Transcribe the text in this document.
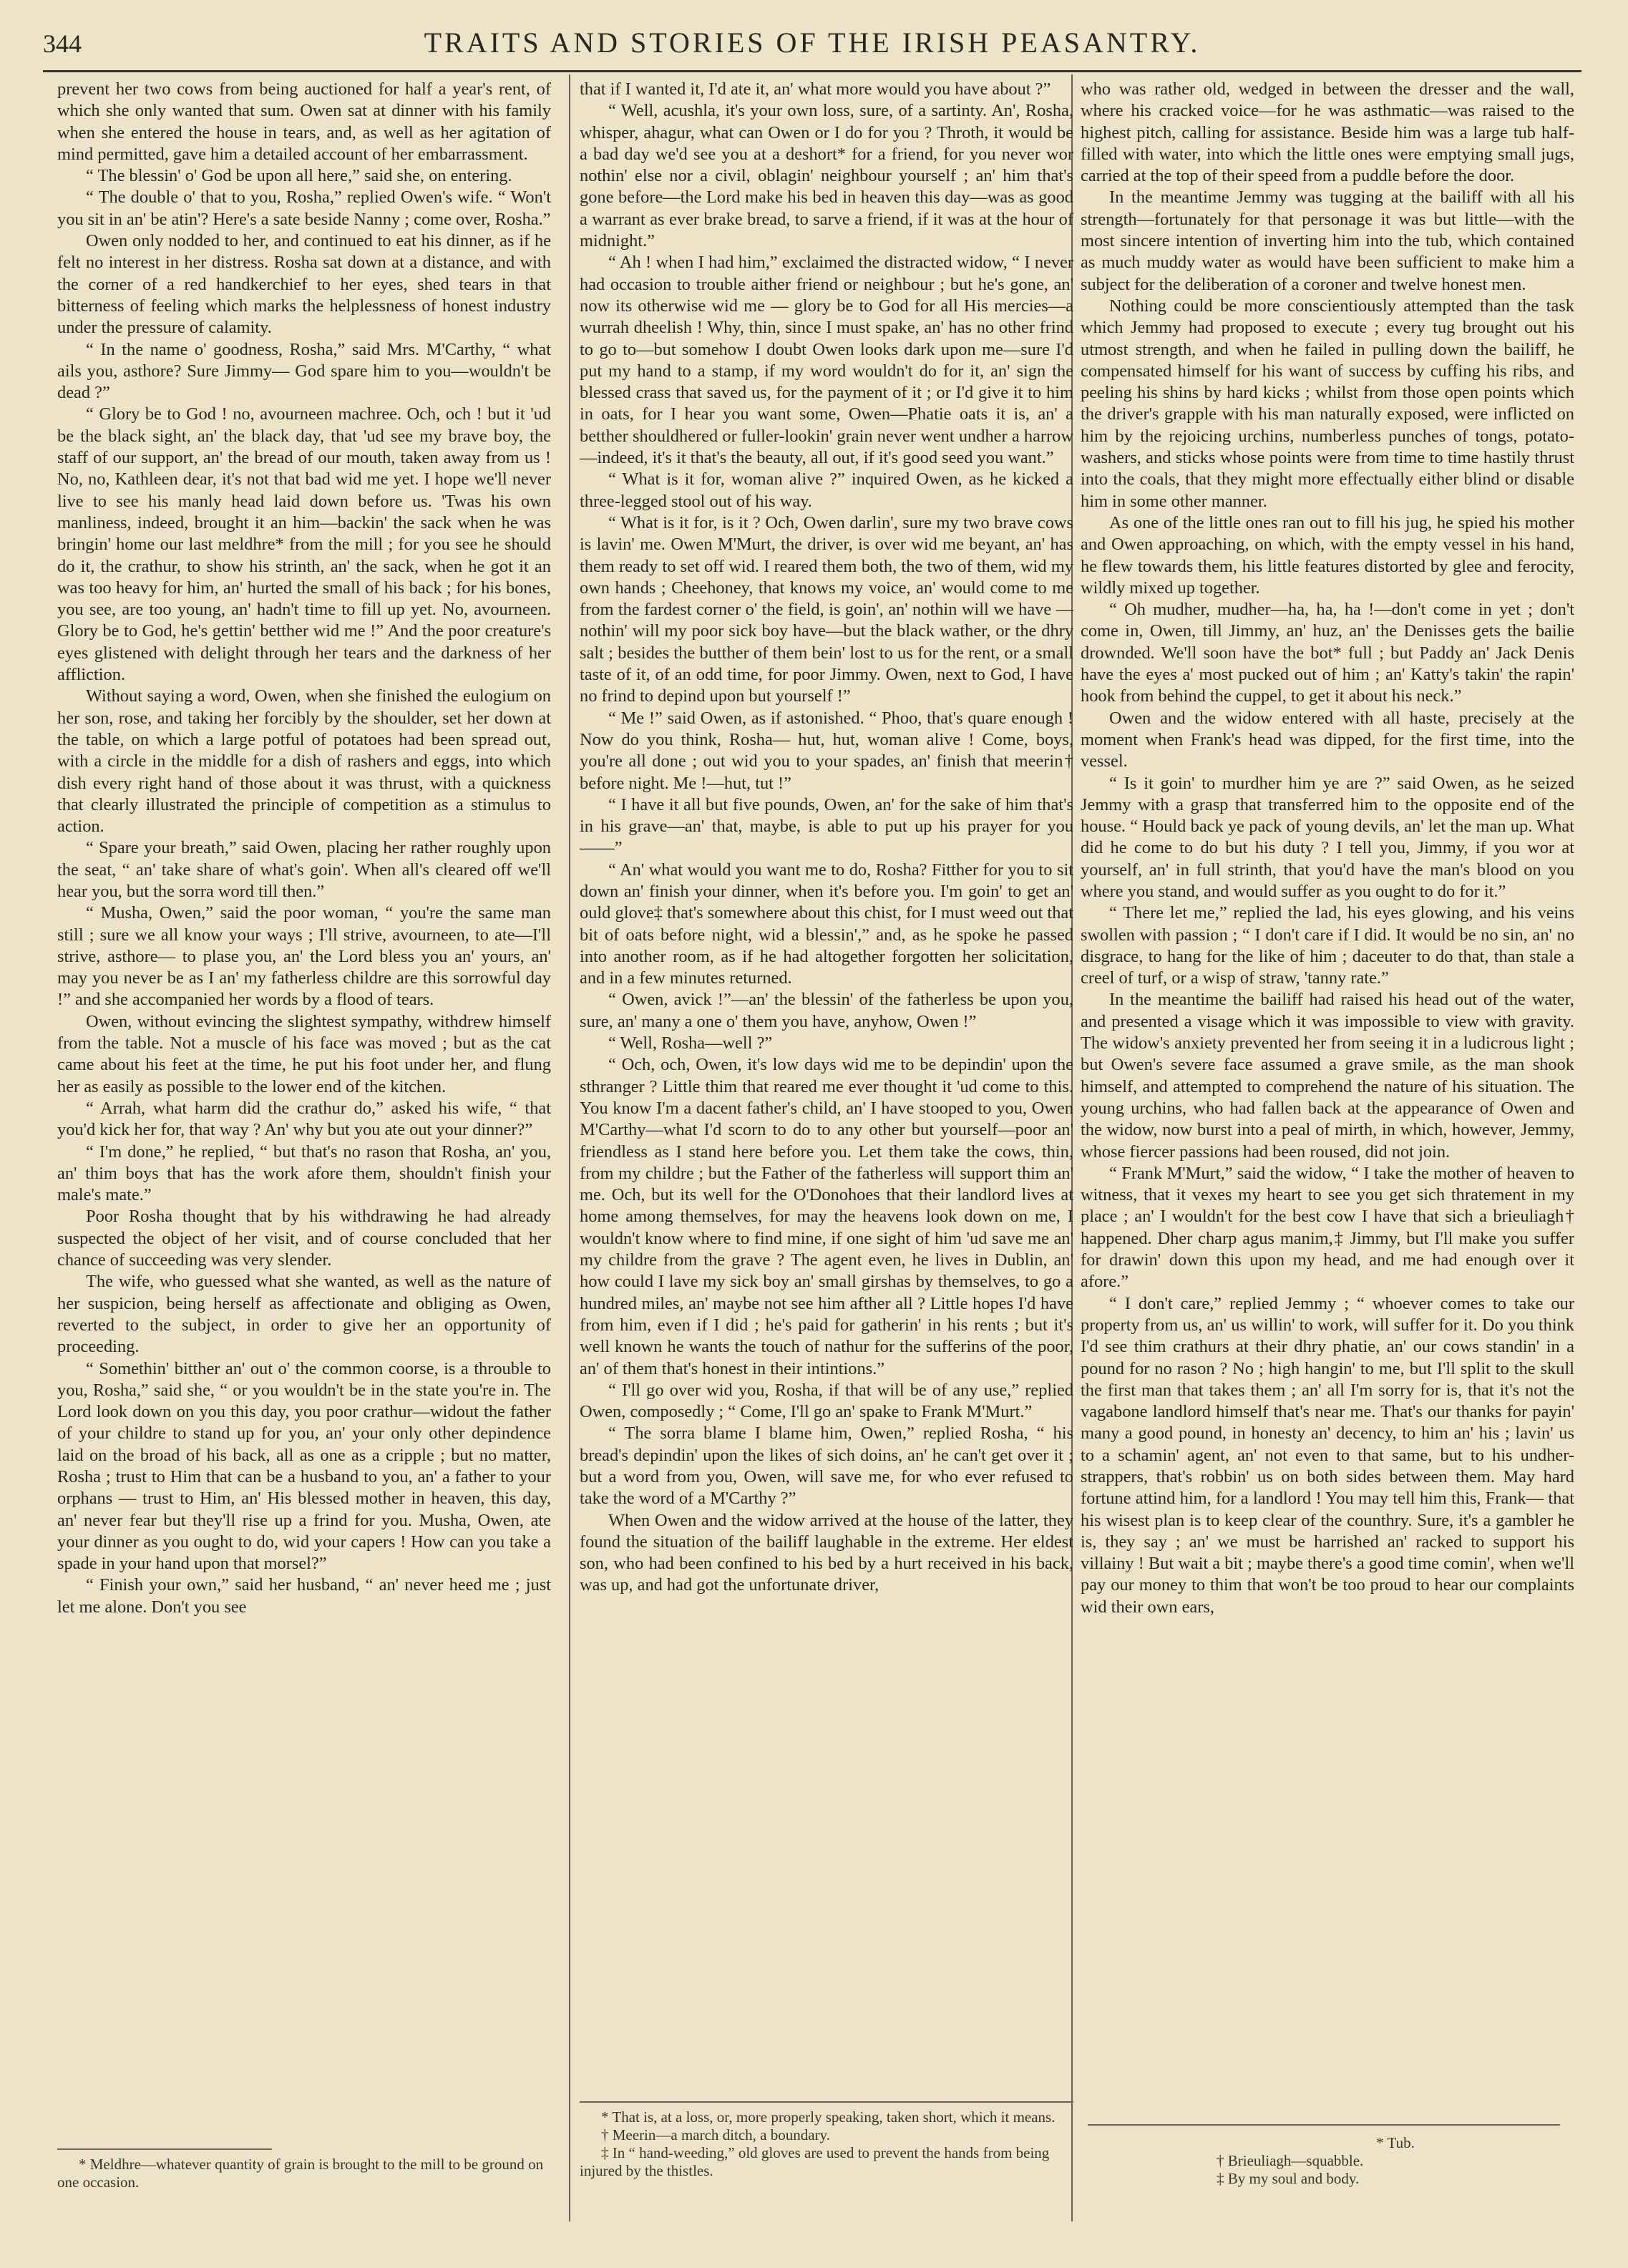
344	TRAITS AND STORIES OF THE IRISH PEASANTRY.

prevent her two cows from being auctioned for half a year's rent, of which she only wanted that sum. Owen sat at dinner with his family when she entered the house in tears, and, as well as her agitation of mind permitted, gave him a detailed account of her embarrassment.

“ The blessin' o' God be upon all here,” said she, on entering.

“ The double o' that to you, Rosha,” replied Owen's wife. “ Won't you sit in an' be atin'? Here's a sate beside Nanny ; come over, Rosha.”

Owen only nodded to her, and continued to eat his dinner, as if he felt no interest in her distress. Rosha sat down at a distance, and with the corner of a red handkerchief to her eyes, shed tears in that bitterness of feeling which marks the helplessness of honest industry under the pressure of calamity.

“ In the name o' goodness, Rosha,” said Mrs. M'Carthy, “ what ails you, asthore? Sure Jimmy— God spare him to you—wouldn't be dead ?”

“ Glory be to God ! no, avourneen machree. Och, och ! but it 'ud be the black sight, an' the black day, that 'ud see my brave boy, the staff of our support, an' the bread of our mouth, taken away from us ! No, no, Kathleen dear, it's not that bad wid me yet. I hope we'll never live to see his manly head laid down before us. 'Twas his own manliness, indeed, brought it an him—backin' the sack when he was bringin' home our last meldhre* from the mill ; for you see he should do it, the crathur, to show his strinth, an' the sack, when he got it an was too heavy for him, an' hurted the small of his back ; for his bones, you see, are too young, an' hadn't time to fill up yet. No, avourneen. Glory be to God, he's gettin' betther wid me !” And the poor creature's eyes glistened with delight through her tears and the darkness of her affliction.

Without saying a word, Owen, when she finished the eulogium on her son, rose, and taking her forcibly by the shoulder, set her down at the table, on which a large potful of potatoes had been spread out, with a circle in the middle for a dish of rashers and eggs, into which dish every right hand of those about it was thrust, with a quickness that clearly illustrated the principle of competition as a stimulus to action.

“ Spare your breath,” said Owen, placing her rather roughly upon the seat, “ an' take share of what's goin'. When all's cleared off we'll hear you, but the sorra word till then.”

“ Musha, Owen,” said the poor woman, “ you're the same man still ; sure we all know your ways ; I'll strive, avourneen, to ate—I'll strive, asthore— to plase you, an' the Lord bless you an' yours, an' may you never be as I an' my fatherless childre are this sorrowful day !” and she accompanied her words by a flood of tears.

Owen, without evincing the slightest sympathy, withdrew himself from the table. Not a muscle of his face was moved ; but as the cat came about his feet at the time, he put his foot under her, and flung her as easily as possible to the lower end of the kitchen.

“ Arrah, what harm did the crathur do,” asked his wife, “ that you'd kick her for, that way ? An' why but you ate out your dinner?”

“ I'm done,” he replied, “ but that's no rason that Rosha, an' you, an' thim boys that has the work afore them, shouldn't finish your male's mate.”

Poor Rosha thought that by his withdrawing he had already suspected the object of her visit, and of course concluded that her chance of succeeding was very slender.

The wife, who guessed what she wanted, as well as the nature of her suspicion, being herself as affectionate and obliging as Owen, reverted to the subject, in order to give her an opportunity of proceeding.

“ Somethin' bitther an' out o' the common coorse, is a throuble to you, Rosha,” said she, “ or you wouldn't be in the state you're in. The Lord look down on you this day, you poor crathur—widout the father of your childre to stand up for you, an' your only other depindence laid on the broad of his back, all as one as a cripple ; but no matter, Rosha ; trust to Him that can be a husband to you, an' a father to your orphans — trust to Him, an' His blessed mother in heaven, this day, an' never fear but they'll rise up a frind for you. Musha, Owen, ate your dinner as you ought to do, wid your capers ! How can you take a spade in your hand upon that morsel?”

“ Finish your own,” said her husband, “ an' never heed me ; just let me alone. Don't you see

that if I wanted it, I'd ate it, an' what more would you have about ?”

“ Well, acushla, it's your own loss, sure, of a sartinty. An', Rosha, whisper, ahagur, what can Owen or I do for you ? Throth, it would be a bad day we'd see you at a deshort* for a friend, for you never wor nothin' else nor a civil, oblagin' neighbour yourself ; an' him that's gone before—the Lord make his bed in heaven this day—was as good a warrant as ever brake bread, to sarve a friend, if it was at the hour of midnight.”

“ Ah ! when I had him,” exclaimed the distracted widow, “ I never had occasion to trouble aither friend or neighbour ; but he's gone, an' now its otherwise wid me — glory be to God for all His mercies—a wurrah dheelish ! Why, thin, since I must spake, an' has no other frind to go to—but somehow I doubt Owen looks dark upon me—sure I'd put my hand to a stamp, if my word wouldn't do for it, an' sign the blessed crass that saved us, for the payment of it ; or I'd give it to him in oats, for I hear you want some, Owen—Phatie oats it is, an' a betther shouldhered or fuller-lookin' grain never went undher a harrow—indeed, it's it that's the beauty, all out, if it's good seed you want.”

“ What is it for, woman alive ?” inquired Owen, as he kicked a three-legged stool out of his way.

“ What is it for, is it ? Och, Owen darlin', sure my two brave cows is lavin' me. Owen M'Murt, the driver, is over wid me beyant, an' has them ready to set off wid. I reared them both, the two of them, wid my own hands ; Cheehoney, that knows my voice, an' would come to me from the fardest corner o' the field, is goin', an' nothin will we have —nothin' will my poor sick boy have—but the black wather, or the dhry salt ; besides the butther of them bein' lost to us for the rent, or a small taste of it, of an odd time, for poor Jimmy. Owen, next to God, I have no frind to depind upon but yourself !”

“ Me !” said Owen, as if astonished. “ Phoo, that's quare enough ! Now do you think, Rosha— hut, hut, woman alive ! Come, boys, you're all done ; out wid you to your spades, an' finish that meerin† before night. Me !—hut, tut !”

“ I have it all but five pounds, Owen, an' for the sake of him that's in his grave—an' that, maybe, is able to put up his prayer for you——”

“ An' what would you want me to do, Rosha? Fitther for you to sit down an' finish your dinner, when it's before you. I'm goin' to get an' ould glove‡ that's somewhere about this chist, for I must weed out that bit of oats before night, wid a blessin',” and, as he spoke he passed into another room, as if he had altogether forgotten her solicitation, and in a few minutes returned.

“ Owen, avick !”—an' the blessin' of the fatherless be upon you, sure, an' many a one o' them you have, anyhow, Owen !”

“ Well, Rosha—well ?”

“ Och, och, Owen, it's low days wid me to be depindin' upon the sthranger ? Little thim that reared me ever thought it 'ud come to this. You know I'm a dacent father's child, an' I have stooped to you, Owen M'Carthy—what I'd scorn to do to any other but yourself—poor an' friendless as I stand here before you. Let them take the cows, thin, from my childre ; but the Father of the fatherless will support thim an' me. Och, but its well for the O'Donohoes that their landlord lives at home among themselves, for may the heavens look down on me, I wouldn't know where to find mine, if one sight of him 'ud save me an' my childre from the grave ? The agent even, he lives in Dublin, an' how could I lave my sick boy an' small girshas by themselves, to go a hundred miles, an' maybe not see him afther all ? Little hopes I'd have from him, even if I did ; he's paid for gatherin' in his rents ; but it's well known he wants the touch of nathur for the sufferins of the poor, an' of them that's honest in their intintions.”

“ I'll go over wid you, Rosha, if that will be of any use,” replied Owen, composedly ; “ Come, I'll go an' spake to Frank M'Murt.”

“ The sorra blame I blame him, Owen,” replied Rosha, “ his bread's depindin' upon the likes of sich doins, an' he can't get over it ; but a word from you, Owen, will save me, for who ever refused to take the word of a M'Carthy ?”

When Owen and the widow arrived at the house of the latter, they found the situation of the bailiff laughable in the extreme. Her eldest son, who had been confined to his bed by a hurt received in his back, was up, and had got the unfortunate driver,

who was rather old, wedged in between the dresser and the wall, where his cracked voice—for he was asthmatic—was raised to the highest pitch, calling for assistance. Beside him was a large tub half-filled with water, into which the little ones were emptying small jugs, carried at the top of their speed from a puddle before the door.

In the meantime Jemmy was tugging at the bailiff with all his strength—fortunately for that personage it was but little—with the most sincere intention of inverting him into the tub, which contained as much muddy water as would have been sufficient to make him a subject for the deliberation of a coroner and twelve honest men.

Nothing could be more conscientiously attempted than the task which Jemmy had proposed to execute ; every tug brought out his utmost strength, and when he failed in pulling down the bailiff, he compensated himself for his want of success by cuffing his ribs, and peeling his shins by hard kicks ; whilst from those open points which the driver's grapple with his man naturally exposed, were inflicted on him by the rejoicing urchins, numberless punches of tongs, potato-washers, and sticks whose points were from time to time hastily thrust into the coals, that they might more effectually either blind or disable him in some other manner.

As one of the little ones ran out to fill his jug, he spied his mother and Owen approaching, on which, with the empty vessel in his hand, he flew towards them, his little features distorted by glee and ferocity, wildly mixed up together.

“ Oh mudher, mudher—ha, ha, ha !—don't come in yet ; don't come in, Owen, till Jimmy, an' huz, an' the Denisses gets the bailie drownded. We'll soon have the bot* full ; but Paddy an' Jack Denis have the eyes a' most pucked out of him ; an' Katty's takin' the rapin' hook from behind the cuppel, to get it about his neck.”

Owen and the widow entered with all haste, precisely at the moment when Frank's head was dipped, for the first time, into the vessel.

“ Is it goin' to murdher him ye are ?” said Owen, as he seized Jemmy with a grasp that transferred him to the opposite end of the house. “ Hould back ye pack of young devils, an' let the man up. What did he come to do but his duty ? I tell you, Jimmy, if you wor at yourself, an' in full strinth, that you'd have the man's blood on you where you stand, and would suffer as you ought to do for it.”

“ There let me,” replied the lad, his eyes glowing, and his veins swollen with passion ; “ I don't care if I did. It would be no sin, an' no disgrace, to hang for the like of him ; daceuter to do that, than stale a creel of turf, or a wisp of straw, 'tanny rate.”

In the meantime the bailiff had raised his head out of the water, and presented a visage which it was impossible to view with gravity. The widow's anxiety prevented her from seeing it in a ludicrous light ; but Owen's severe face assumed a grave smile, as the man shook himself, and attempted to comprehend the nature of his situation. The young urchins, who had fallen back at the appearance of Owen and the widow, now burst into a peal of mirth, in which, however, Jemmy, whose fiercer passions had been roused, did not join.

“ Frank M'Murt,” said the widow, “ I take the mother of heaven to witness, that it vexes my heart to see you get sich thratement in my place ; an' I wouldn't for the best cow I have that sich a brieuliagh† happened. Dher charp agus manim,‡ Jimmy, but I'll make you suffer for drawin' down this upon my head, and me had enough over it afore.”

“ I don't care,” replied Jemmy ; “ whoever comes to take our property from us, an' us willin' to work, will suffer for it. Do you think I'd see thim crathurs at their dhry phatie, an' our cows standin' in a pound for no rason ? No ; high hangin' to me, but I'll split to the skull the first man that takes them ; an' all I'm sorry for is, that it's not the vagabone landlord himself that's near me. That's our thanks for payin' many a good pound, in honesty an' decency, to him an' his ; lavin' us to a schamin' agent, an' not even to that same, but to his undher-strappers, that's robbin' us on both sides between them. May hard fortune attind him, for a landlord ! You may tell him this, Frank— that his wisest plan is to keep clear of the counthry. Sure, it's a gambler he is, they say ; an' we must be harrished an' racked to support his villainy ! But wait a bit ; maybe there's a good time comin', when we'll pay our money to thim that won't be too proud to hear our complaints wid their own ears,

* Meldhre—whatever quantity of grain is brought to the mill to be ground on one occasion.

* That is, at a loss, or, more properly speaking, taken short, which it means.

† Meerin—a march ditch, a boundary.

‡ In “ hand-weeding,” old gloves are used to prevent the hands from being injured by the thistles.

* Tub.

† Brieuliagh—squabble.

‡ By my soul and body.
